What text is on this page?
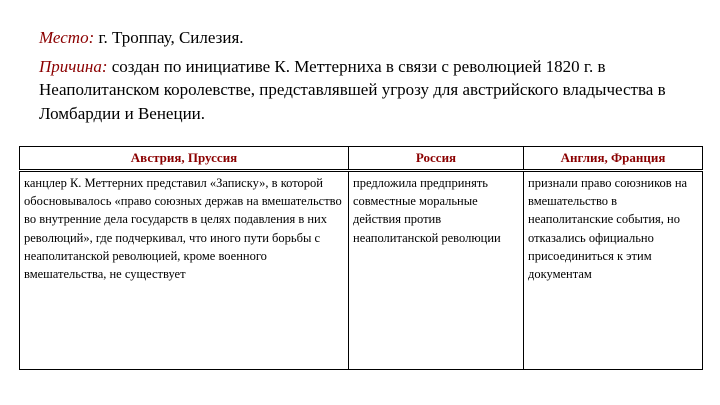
Место: г. Троппау, Силезия.
Причина: создан по инициативе К. Меттерниха в связи с революцией 1820 г. в Неаполитанском королевстве, представлявшей угрозу для австрийского владычества в Ломбардии и Венеции.
Австрия, Пруссия	Россия	Англия, Франция
канцлер К. Меттерних представил «Записку», в которой обосновывалось «право союзных держав на вмешательство во внутренние дела государств в целях подавления в них революций», где подчеркивал, что иного пути борьбы с неаполитанской революцией, кроме военного вмешательства, не существует	предложила предпринять совместные моральные действия против неаполитанской революции	признали право союзников на вмешательство в неаполитанские события, но отказались официально присоединиться к этим документам
